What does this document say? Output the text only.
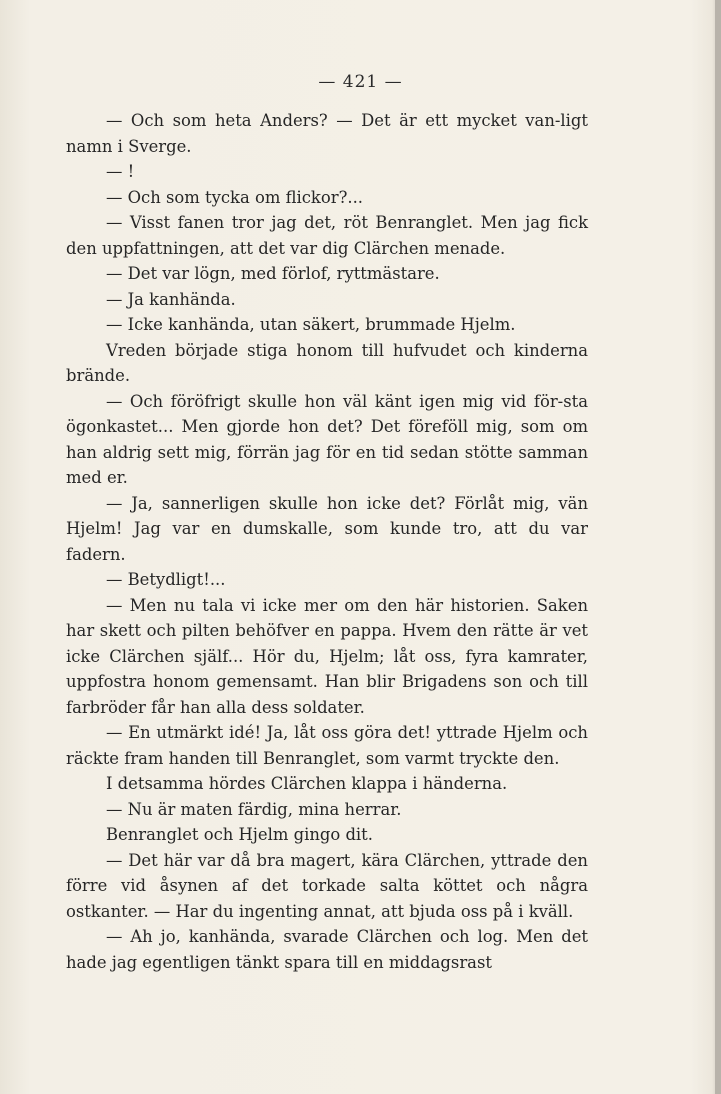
— 421 —
— Och som heta Anders? — Det är ett mycket van-ligt namn i Sverge.
— !
— Och som tycka om flickor?...
— Visst fanen tror jag det, röt Benranglet. Men jag fick den uppfattningen, att det var dig Clärchen menade.
— Det var lögn, med förlof, ryttmästare.
— Ja kanhända.
— Icke kanhända, utan säkert, brummade Hjelm.
Vreden började stiga honom till hufvudet och kinderna brände.
— Och föröfrigt skulle hon väl känt igen mig vid för-sta ögonkastet... Men gjorde hon det? Det föreföll mig, som om han aldrig sett mig, förrän jag för en tid sedan stötte samman med er.
— Ja, sannerligen skulle hon icke det? Förlåt mig, vän Hjelm! Jag var en dumskalle, som kunde tro, att du var fadern.
— Betydligt!...
— Men nu tala vi icke mer om den här historien. Saken har skett och pilten behöfver en pappa. Hvem den rätte är vet icke Clärchen själf... Hör du, Hjelm; låt oss, fyra kamrater, uppfostra honom gemensamt. Han blir Brigadens son och till farbröder får han alla dess soldater.
— En utmärkt idé! Ja, låt oss göra det! yttrade Hjelm och räckte fram handen till Benranglet, som varmt tryckte den.
I detsamma hördes Clärchen klappa i händerna.
— Nu är maten färdig, mina herrar.
Benranglet och Hjelm gingo dit.
— Det här var då bra magert, kära Clärchen, yttrade den förre vid åsynen af det torkade salta köttet och några ostkanter. — Har du ingenting annat, att bjuda oss på i kväll.
— Ah jo, kanhända, svarade Clärchen och log. Men det hade jag egentligen tänkt spara till en middagsrast
